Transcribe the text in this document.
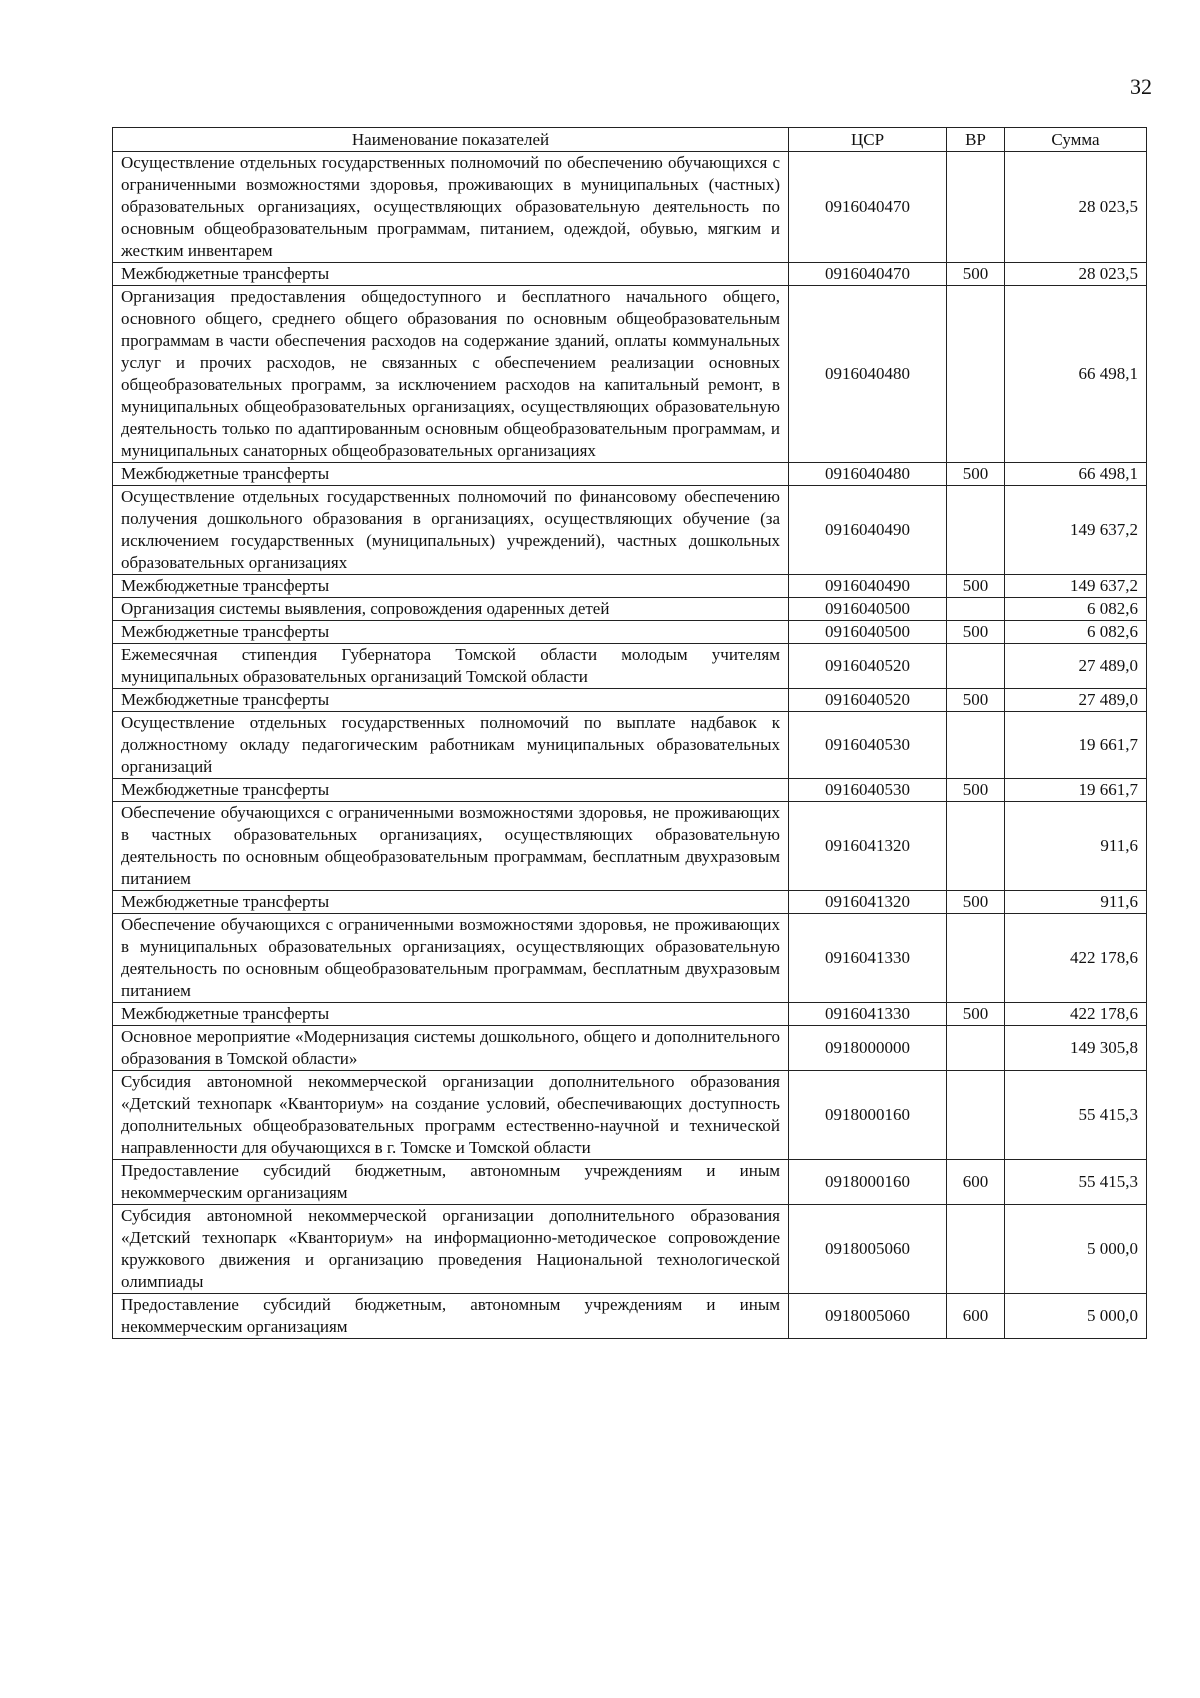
32
Наименование показателей	ЦСР	ВР	Сумма
Осуществление отдельных государственных полномочий по обеспечению обучающихся с ограниченными возможностями здоровья, проживающих в муниципальных (частных) образовательных организациях, осуществляющих образовательную деятельность по основным общеобразовательным программам, питанием, одеждой, обувью, мягким и жестким инвентарем	0916040470		28 023,5
Межбюджетные трансферты	0916040470	500	28 023,5
Организация предоставления общедоступного и бесплатного начального общего, основного общего, среднего общего образования по основным общеобразовательным программам в части обеспечения расходов на содержание зданий, оплаты коммунальных услуг и прочих расходов, не связанных с обеспечением реализации основных общеобразовательных программ, за исключением расходов на капитальный ремонт, в муниципальных общеобразовательных организациях, осуществляющих образовательную деятельность только по адаптированным основным общеобразовательным программам, и муниципальных санаторных общеобразовательных организациях	0916040480		66 498,1
Межбюджетные трансферты	0916040480	500	66 498,1
Осуществление отдельных государственных полномочий по финансовому обеспечению получения дошкольного образования в организациях, осуществляющих обучение (за исключением государственных (муниципальных) учреждений), частных дошкольных образовательных организациях	0916040490		149 637,2
Межбюджетные трансферты	0916040490	500	149 637,2
Организация системы выявления, сопровождения одаренных детей	0916040500		6 082,6
Межбюджетные трансферты	0916040500	500	6 082,6
Ежемесячная стипендия Губернатора Томской области молодым учителям муниципальных образовательных организаций Томской области	0916040520		27 489,0
Межбюджетные трансферты	0916040520	500	27 489,0
Осуществление отдельных государственных полномочий по выплате надбавок к должностному окладу педагогическим работникам муниципальных образовательных организаций	0916040530		19 661,7
Межбюджетные трансферты	0916040530	500	19 661,7
Обеспечение обучающихся с ограниченными возможностями здоровья, не проживающих в частных образовательных организациях, осуществляющих образовательную деятельность по основным общеобразовательным программам, бесплатным двухразовым питанием	0916041320		911,6
Межбюджетные трансферты	0916041320	500	911,6
Обеспечение обучающихся с ограниченными возможностями здоровья, не проживающих в муниципальных образовательных организациях, осуществляющих образовательную деятельность по основным общеобразовательным программам, бесплатным двухразовым питанием	0916041330		422 178,6
Межбюджетные трансферты	0916041330	500	422 178,6
Основное мероприятие «Модернизация системы дошкольного, общего и дополнительного образования в Томской области»	0918000000		149 305,8
Субсидия автономной некоммерческой организации дополнительного образования «Детский технопарк «Кванториум» на создание условий, обеспечивающих доступность дополнительных общеобразовательных программ естественно-научной и технической направленности для обучающихся в г. Томске и Томской области	0918000160		55 415,3
Предоставление субсидий бюджетным, автономным учреждениям и иным некоммерческим организациям	0918000160	600	55 415,3
Субсидия автономной некоммерческой организации дополнительного образования «Детский технопарк «Кванториум» на информационно-методическое сопровождение кружкового движения и организацию проведения Национальной технологической олимпиады	0918005060		5 000,0
Предоставление субсидий бюджетным, автономным учреждениям и иным некоммерческим организациям	0918005060	600	5 000,0
